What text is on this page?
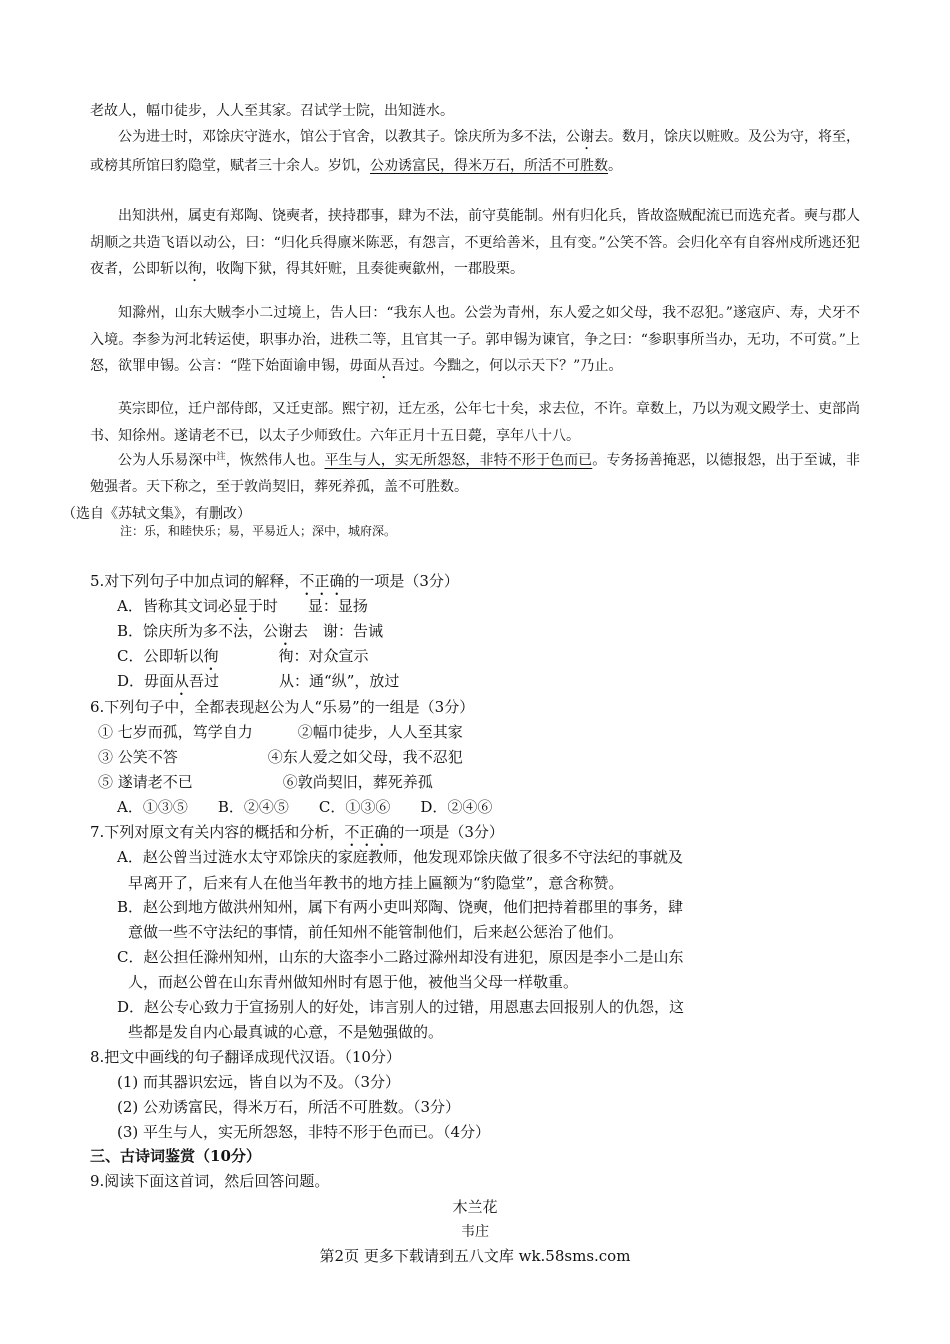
老故人，幅巾徒步，人人至其家。召试学士院，出知涟水。
公为进士时，邓馀庆守涟水，馆公于官舍，以教其子。馀庆所为多不法，公谢去。数月，馀庆以赃败。及公为守，将至，或榜其所馆曰豹隐堂，赋者三十余人。岁饥，公劝诱富民，得米万石，所活不可胜数。
出知洪州，属吏有郑陶、饶奭者，挟持郡事，肆为不法，前守莫能制。州有归化兵，皆故盗贼配流已而选充者。奭与郡人胡顺之共造飞语以动公，曰：“归化兵得廪米陈恶，有怨言，不更给善米，且有变。”公笑不答。会归化卒有自容州戍所逃还犯夜者，公即斩以徇，收陶下狱，得其奸赃，且奏徙奭歙州，一郡股栗。
知滁州，山东大贼李小二过境上，告人曰：“我东人也。公尝为青州，东人爱之如父母，我不忍犯。”遂寇庐、寿，犬牙不入境。李参为河北转运使，职事办治，进秩二等，且官其一子。郭申锡为谏官，争之曰：“参职事所当办，无功，不可赏。”上怒，欲罪申锡。公言：“陛下始面谕申锡，毋面从吾过。今黜之，何以示天下？”乃止。
英宗即位，迁户部侍郎，又迁吏部。熙宁初，迁左丞，公年七十矣，求去位，不许。章数上，乃以为观文殿学士、吏部尚书、知徐州。遂请老不已，以太子少师致仕。六年正月十五日薨，享年八十八。
公为人乐易深中$^注$，恢然伟人也。平生与人，实无所怨怒，非特不形于色而已。专务扬善掩恶，以德报怨，出于至诚，非勉强者。天下称之，至于敦尚契旧，葬死养孤，盖不可胜数。
（选自《苏轼文集》，有删改）
注：乐，和睦快乐；易，平易近人；深中，城府深。
5.对下列句子中加点词的解释，不正确的一项是（3分）
A．皆称其文词必显于时　　显：显扬
B．馀庆所为多不法，公谢去　谢：告诫
C．公即斩以徇　　　　徇：对众宣示
D．毋面从吾过　　　　从：通“纵”，放过
6.下列句子中，全都表现赵公为人“乐易”的一组是（3分）
① 七岁而孤，笃学自力　　　②幅巾徒步，人人至其家
③ 公笑不答　　　　　　④东人爱之如父母，我不忍犯
⑤ 遂请老不已　　　　　　⑥敦尚契旧，葬死养孤
A．①③⑤　　B．②④⑤　　C．①③⑥　　D．②④⑥
7.下列对原文有关内容的概括和分析，不正确的一项是（3分）
A．赵公曾当过涟水太守邓馀庆的家庭教师，他发现邓馀庆做了很多不守法纪的事就及
早离开了，后来有人在他当年教书的地方挂上匾额为“豹隐堂”，意含称赞。
B．赵公到地方做洪州知州，属下有两小吏叫郑陶、饶奭，他们把持着郡里的事务，肆
意做一些不守法纪的事情，前任知州不能管制他们，后来赵公惩治了他们。
C．赵公担任滁州知州，山东的大盗李小二路过滁州却没有进犯，原因是李小二是山东
人，而赵公曾在山东青州做知州时有恩于他，被他当父母一样敬重。
D．赵公专心致力于宣扬别人的好处，讳言别人的过错，用恩惠去回报别人的仇怨，这
些都是发自内心最真诚的心意，不是勉强做的。
8.把文中画线的句子翻译成现代汉语。（10分）
(1) 而其器识宏远，皆自以为不及。（3分）
(2) 公劝诱富民，得米万石，所活不可胜数。（3分）
(3) 平生与人，实无所怨怒，非特不形于色而已。（4分）
三、古诗词鉴赏（10分）
9.阅读下面这首词，然后回答问题。
木兰花
韦庄
第2页 更多下载请到五八文库 wk.58sms.com
